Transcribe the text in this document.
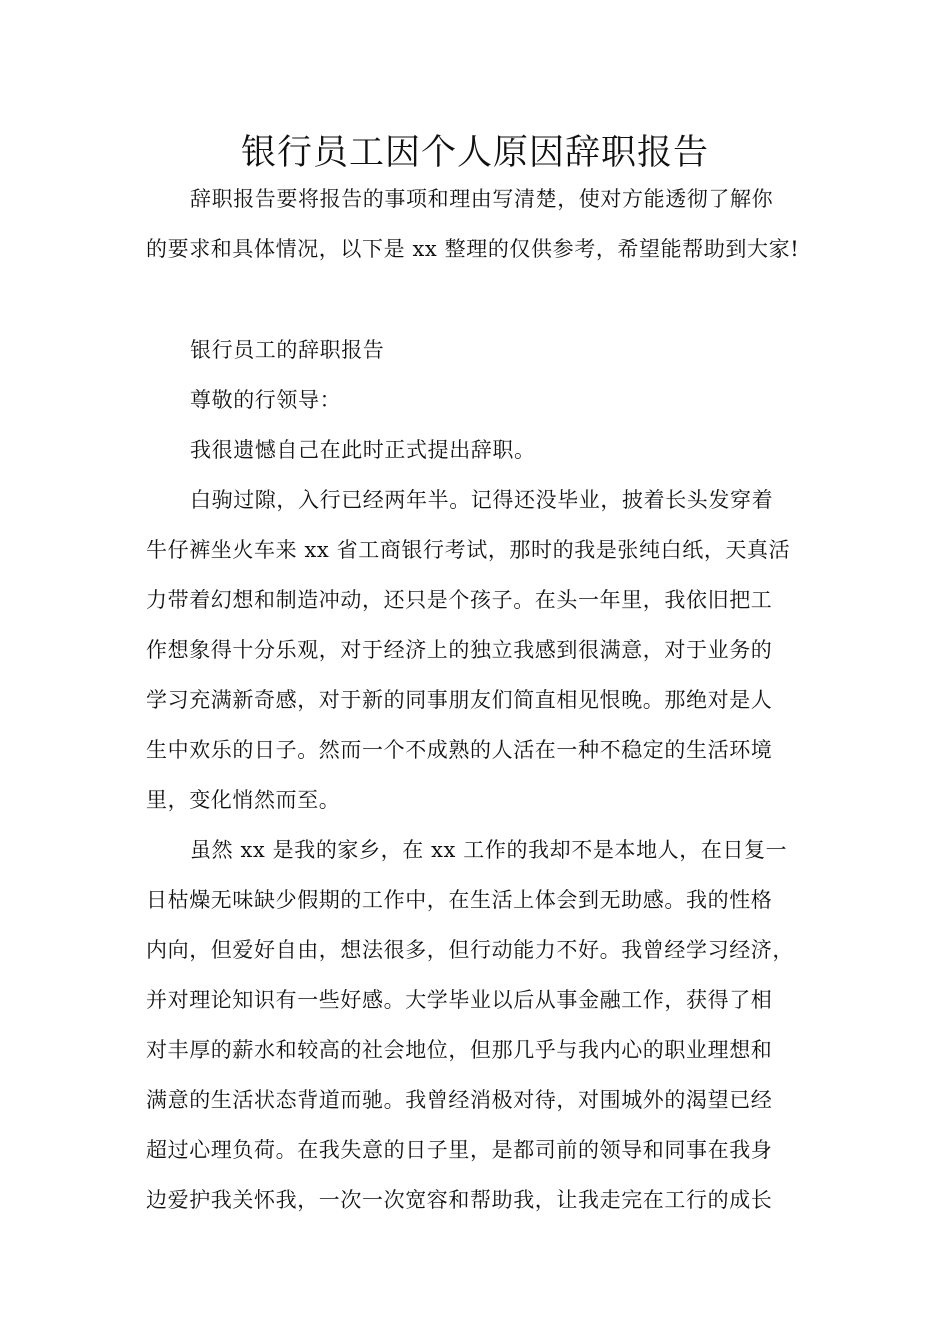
银行员工因个人原因辞职报告

辞职报告要将报告的事项和理由写清楚，使对方能透彻了解你

的要求和具体情况，以下是 xx 整理的仅供参考，希望能帮助到大家!

银行员工的辞职报告

尊敬的行领导：

我很遗憾自己在此时正式提出辞职。

白驹过隙，入行已经两年半。记得还没毕业，披着长头发穿着

牛仔裤坐火车来 xx 省工商银行考试，那时的我是张纯白纸，天真活

力带着幻想和制造冲动，还只是个孩子。在头一年里，我依旧把工

作想象得十分乐观，对于经济上的独立我感到很满意，对于业务的

学习充满新奇感，对于新的同事朋友们简直相见恨晚。那绝对是人

生中欢乐的日子。然而一个不成熟的人活在一种不稳定的生活环境

里，变化悄然而至。

虽然 xx 是我的家乡，在 xx 工作的我却不是本地人，在日复一

日枯燥无味缺少假期的工作中，在生活上体会到无助感。我的性格

内向，但爱好自由，想法很多，但行动能力不好。我曾经学习经济，

并对理论知识有一些好感。大学毕业以后从事金融工作，获得了相

对丰厚的薪水和较高的社会地位，但那几乎与我内心的职业理想和

满意的生活状态背道而驰。我曾经消极对待，对围城外的渴望已经

超过心理负荷。在我失意的日子里，是都司前的领导和同事在我身

边爱护我关怀我，一次一次宽容和帮助我，让我走完在工行的成长
